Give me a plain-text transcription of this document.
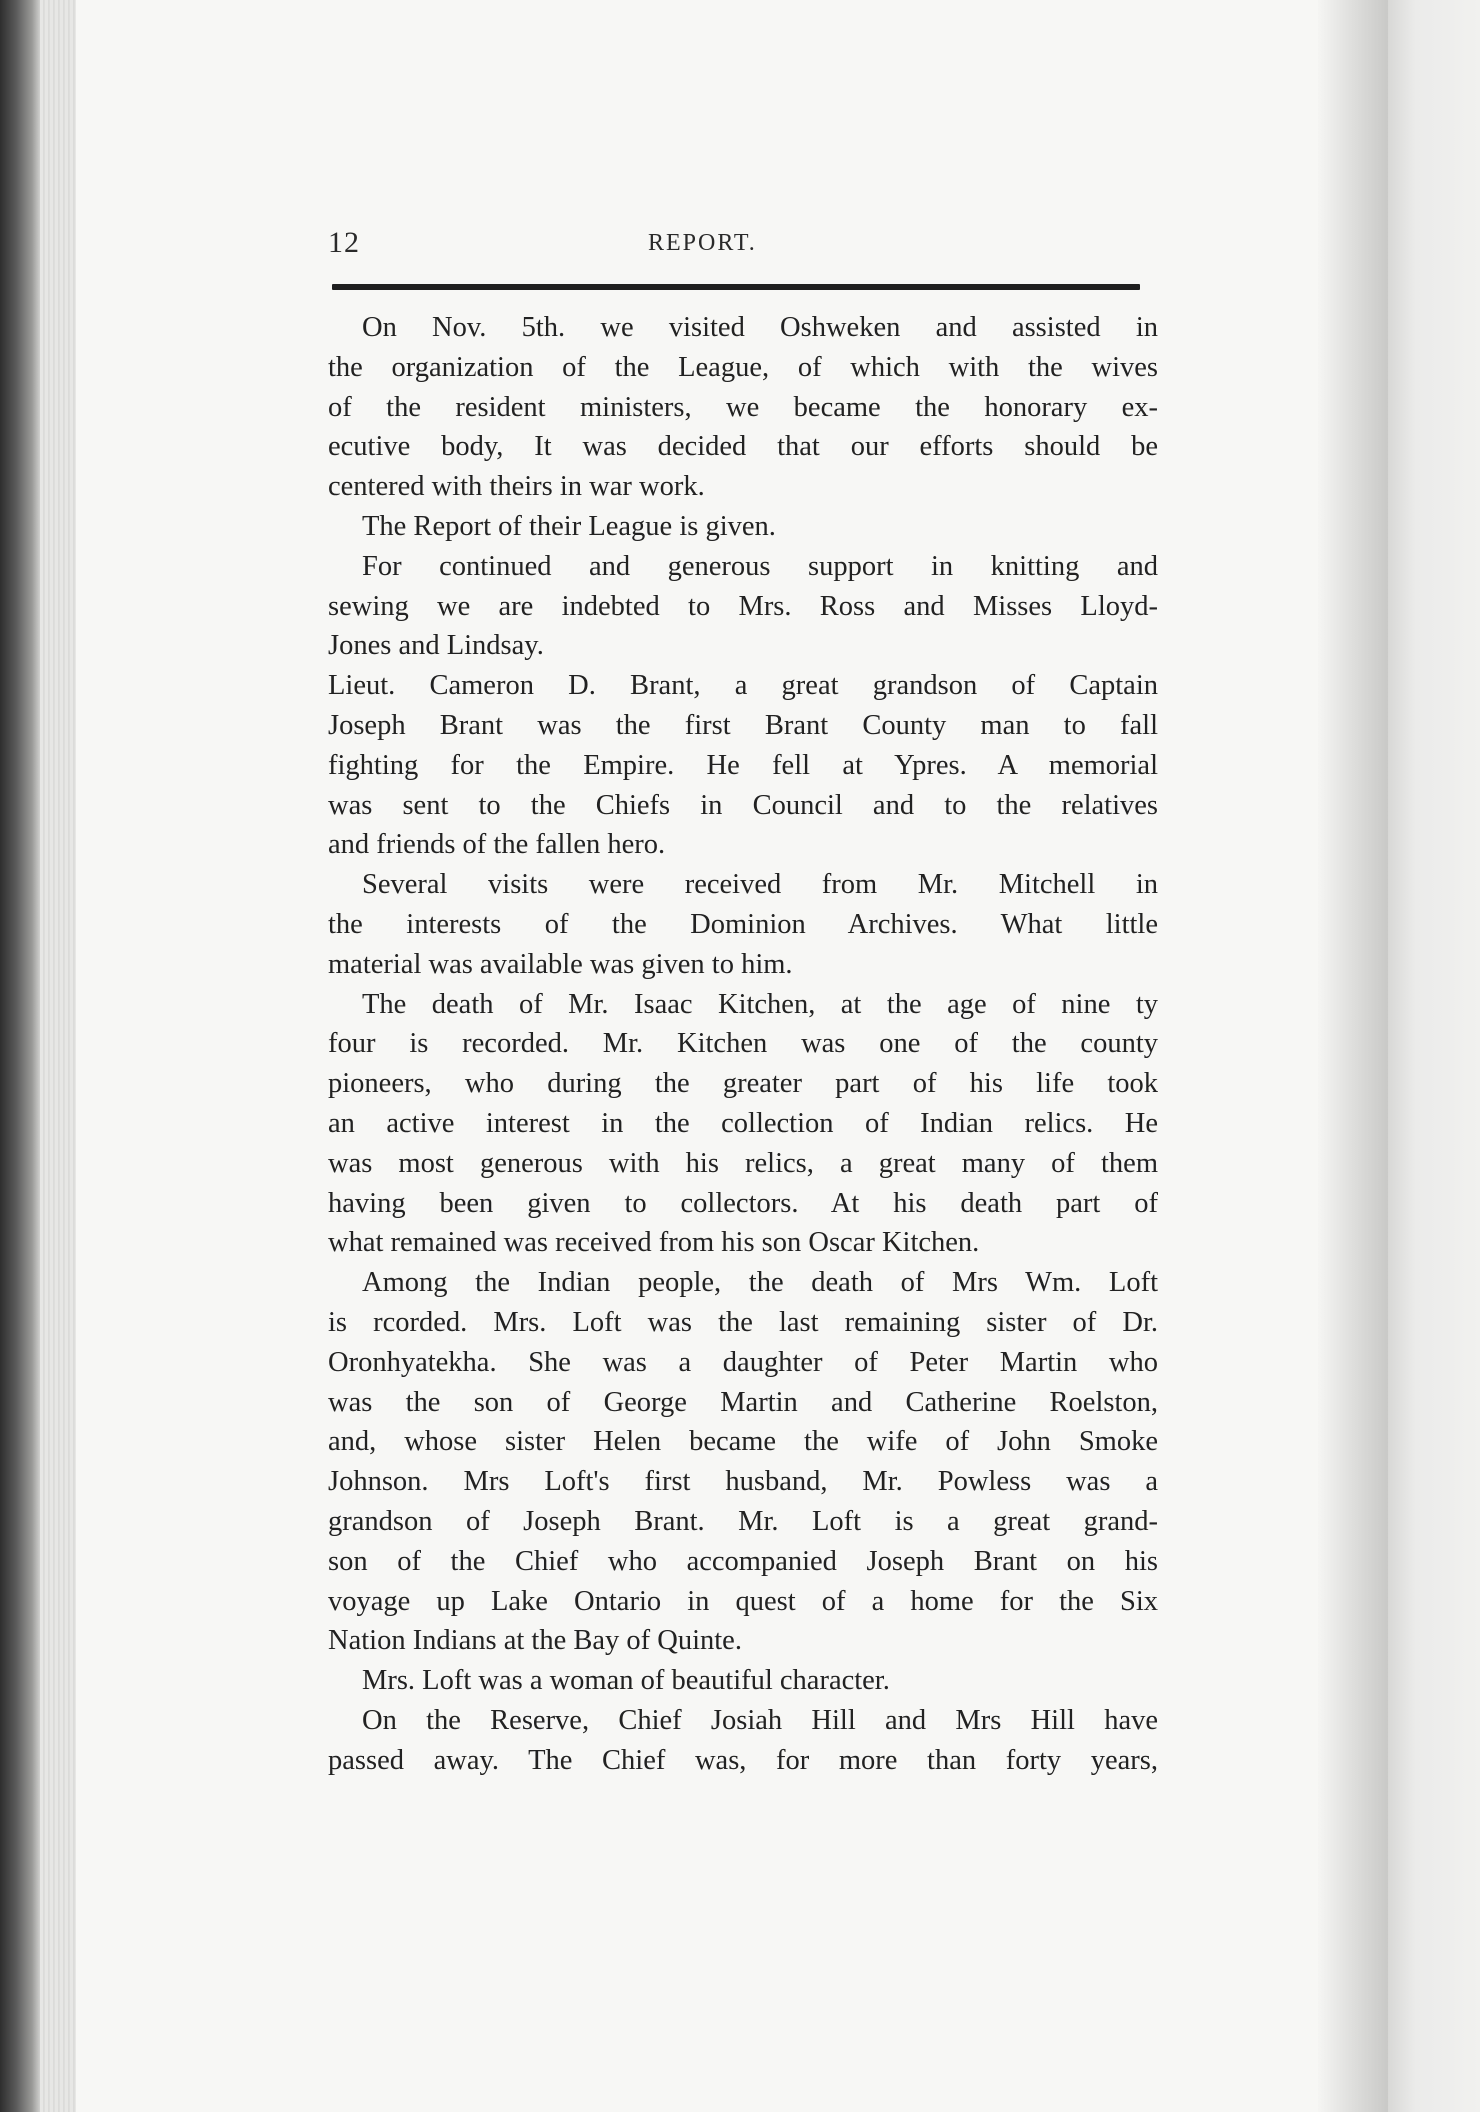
12	REPORT.
On Nov. 5th. we visited Oshweken and assisted in
the organization of the League, of which with the wives
of the resident ministers, we became the honorary ex-
ecutive body, It was decided that our efforts should be
centered with theirs in war work.
The Report of their League is given.
For continued and generous support in knitting and
sewing we are indebted to Mrs. Ross and Misses Lloyd-
Jones and Lindsay.
Lieut. Cameron D. Brant, a great grandson of Captain
Joseph Brant was the first Brant County man to fall
fighting for the Empire. He fell at Ypres. A memorial
was sent to the Chiefs in Council and to the relatives
and friends of the fallen hero.
Several visits were received from Mr. Mitchell in
the interests of the Dominion Archives. What little
material was available was given to him.
The death of Mr. Isaac Kitchen, at the age of nine ty
four is recorded. Mr. Kitchen was one of the county
pioneers, who during the greater part of his life took
an active interest in the collection of Indian relics. He
was most generous with his relics, a great many of them
having been given to collectors. At his death part of
what remained was received from his son Oscar Kitchen.
Among the Indian people, the death of Mrs Wm. Loft
is rcorded. Mrs. Loft was the last remaining sister of Dr.
Oronhyatekha. She was a daughter of Peter Martin who
was the son of George Martin and Catherine Roelston,
and, whose sister Helen became the wife of John Smoke
Johnson. Mrs Loft's first husband, Mr. Powless was a
grandson of Joseph Brant. Mr. Loft is a great grand-
son of the Chief who accompanied Joseph Brant on his
voyage up Lake Ontario in quest of a home for the Six
Nation Indians at the Bay of Quinte.
Mrs. Loft was a woman of beautiful character.
On the Reserve, Chief Josiah Hill and Mrs Hill have
passed away. The Chief was, for more than forty years,
